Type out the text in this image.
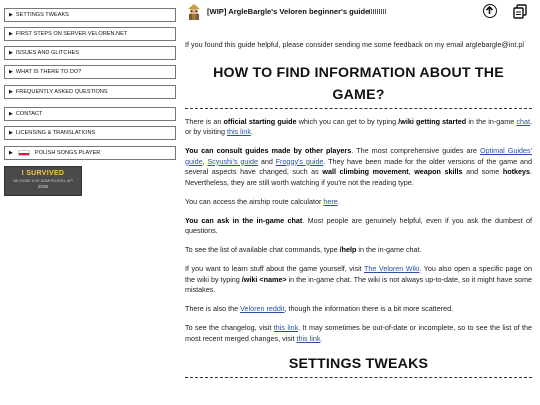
▶ SETTINGS TWEAKS
▶ FIRST STEPS ON SERVER.VELOREN.NET
▶ ISSUES AND GLITCHES
▶ WHAT IS THERE TO DO?
▶ FREQUENTLY ASKED QUESTIONS
▶ CONTACT
▶ LICENSING & TRANSLATIONS
▶	POLISH SONGS PLAYER
I SURVIVED
NE-OXIDE & FE-DOMITELEVEL UP!
2025
[WIP] ArgleBargle's Veloren beginner's guide

If you found this guide helpful, please consider sending me some feedback on my email arglebargle@int.pl

HOW TO FIND INFORMATION ABOUT THE GAME?

There is an official starting guide which you can get to by typing /wiki getting started in the in-game chat, or by visiting this link.

You can consult guides made by other players. The most comprehensive guides are Optimal Guides' guide, Scyushi's guide and Froggy's guide. They have been made for the older versions of the game and several aspects have changed, such as wall climbing movement, weapon skills and some hotkeys. Nevertheless, they are still worth watching if you're not the reading type.

You can access the airship route calculator here.

You can ask in the in-game chat. Most people are genuinely helpful, even if you ask the dumbest of questions.

To see the list of available chat commands, type /help in the in-game chat.

If you want to learn stuff about the game yourself, visit The Veloren Wiki. You also open a specific page on the wiki by typing /wiki <name> in the in-game chat. The wiki is not always up-to-date, so it might have some mistakes.

There is also the Veloren reddit, though the information there is a bit more scattered.

To see the changelog, visit this link. It may sometimes be out-of-date or incomplete, so to see the list of the most recent merged changes, visit this link.

SETTINGS TWEAKS
